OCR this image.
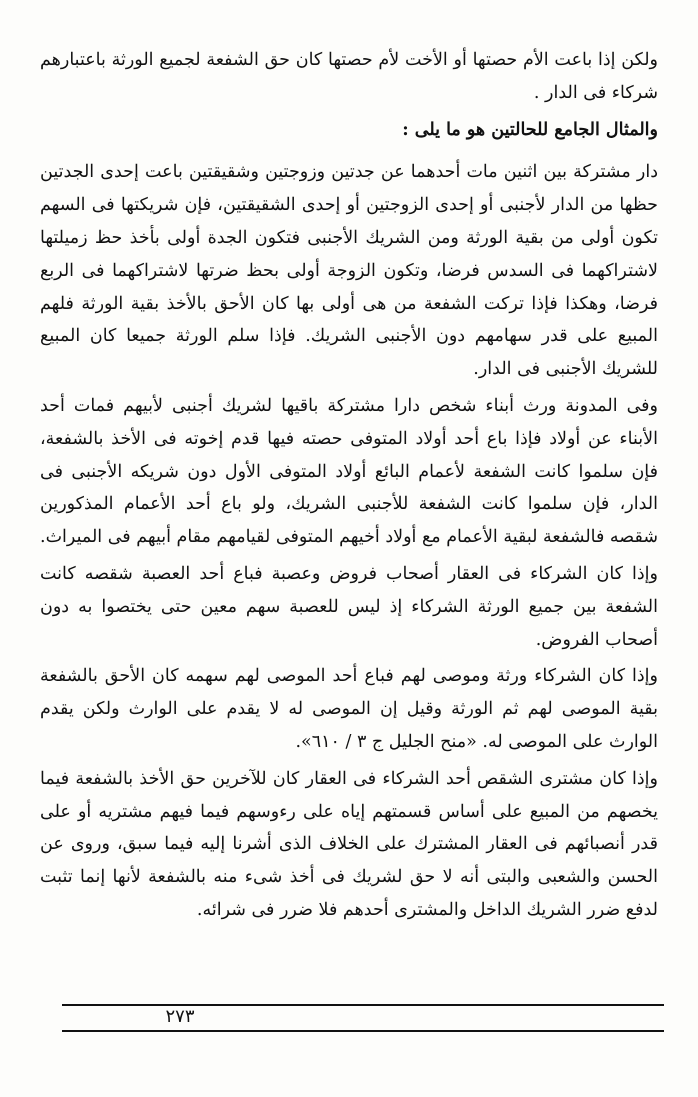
ولكن إذا باعت الأم حصتها أو الأخت لأم حصتها كان حق الشفعة لجميع الورثة باعتبارهم شركاء فى الدار .

والمثال الجامع للحالتين هو ما يلى :

دار مشتركة بين اثنين مات أحدهما عن جدتين وزوجتين وشقيقتين باعت إحدى الجدتين حظها من الدار لأجنبى أو إحدى الزوجتين أو إحدى الشقيقتين، فإن شريكتها فى السهم تكون أولى من بقية الورثة ومن الشريك الأجنبى فتكون الجدة أولى بأخذ حظ زميلتها لاشتراكهما فى السدس فرضا، وتكون الزوجة أولى بحظ ضرتها لاشتراكهما فى الربع فرضا، وهكذا فإذا تركت الشفعة من هى أولى بها كان الأحق بالأخذ بقية الورثة فلهم المبيع على قدر سهامهم دون الأجنبى الشريك. فإذا سلم الورثة جميعا كان المبيع للشريك الأجنبى فى الدار.

وفى المدونة ورث أبناء شخص دارا مشتركة باقيها لشريك أجنبى لأبيهم فمات أحد الأبناء عن أولاد فإذا باع أحد أولاد المتوفى حصته فيها قدم إخوته فى الأخذ بالشفعة، فإن سلموا كانت الشفعة لأعمام البائع أولاد المتوفى الأول دون شريكه الأجنبى فى الدار، فإن سلموا كانت الشفعة للأجنبى الشريك، ولو باع أحد الأعمام المذكورين شقصه فالشفعة لبقية الأعمام مع أولاد أخيهم المتوفى لقيامهم مقام أبيهم فى الميراث.

وإذا كان الشركاء فى العقار أصحاب فروض وعصبة فباع أحد العصبة شقصه كانت الشفعة بين جميع الورثة الشركاء إذ ليس للعصبة سهم معين حتى يختصوا به دون أصحاب الفروض.

وإذا كان الشركاء ورثة وموصى لهم فباع أحد الموصى لهم سهمه كان الأحق بالشفعة بقية الموصى لهم ثم الورثة وقيل إن الموصى له لا يقدم على الوارث ولكن يقدم الوارث على الموصى له. «منح الجليل ج ٣ / ٦١٠».

وإذا كان مشترى الشقص أحد الشركاء فى العقار كان للآخرين حق الأخذ بالشفعة فيما يخصهم من المبيع على أساس قسمتهم إياه على رءوسهم فيما فيهم مشتريه أو على قدر أنصبائهم فى العقار المشترك على الخلاف الذى أشرنا إليه فيما سبق، وروى عن الحسن والشعبى والبتى أنه لا حق لشريك فى أخذ شىء منه بالشفعة لأنها إنما تثبت لدفع ضرر الشريك الداخل والمشترى أحدهم فلا ضرر فى شرائه.

٢٧٣
